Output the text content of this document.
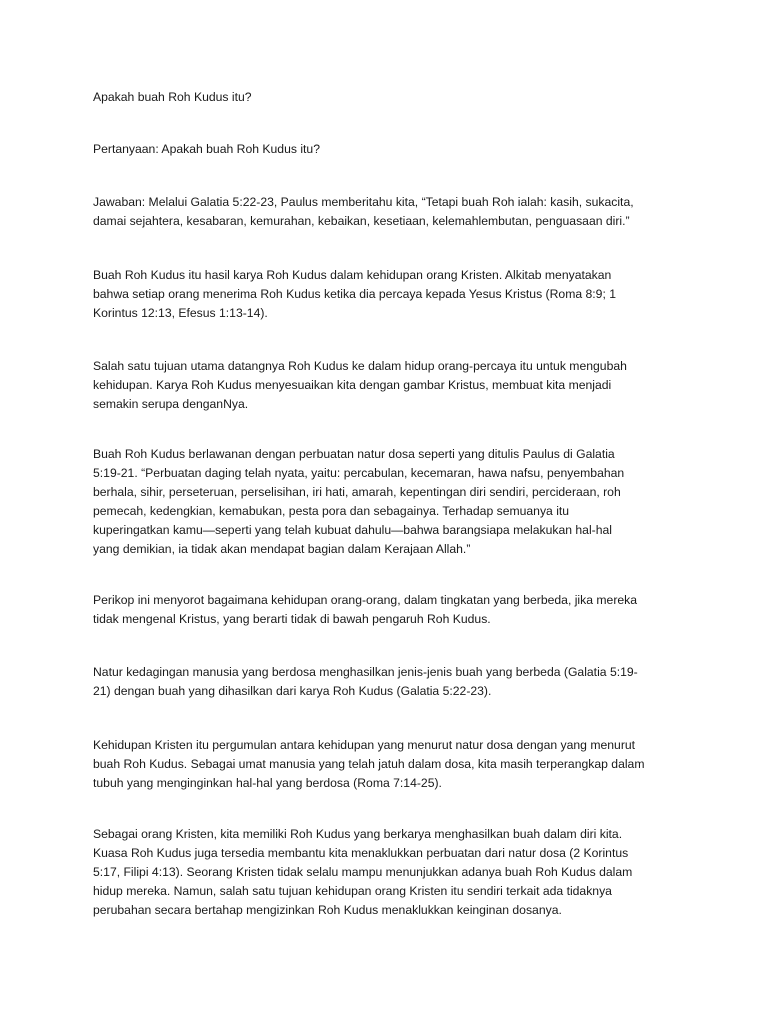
Apakah buah Roh Kudus itu?

Pertanyaan: Apakah buah Roh Kudus itu?

Jawaban: Melalui Galatia 5:22-23, Paulus memberitahu kita, “Tetapi buah Roh ialah: kasih, sukacita,
damai sejahtera, kesabaran, kemurahan, kebaikan, kesetiaan, kelemahlembutan, penguasaan diri.”

Buah Roh Kudus itu hasil karya Roh Kudus dalam kehidupan orang Kristen. Alkitab menyatakan
bahwa setiap orang menerima Roh Kudus ketika dia percaya kepada Yesus Kristus (Roma 8:9; 1
Korintus 12:13, Efesus 1:13-14).

Salah satu tujuan utama datangnya Roh Kudus ke dalam hidup orang-percaya itu untuk mengubah
kehidupan. Karya Roh Kudus menyesuaikan kita dengan gambar Kristus, membuat kita menjadi
semakin serupa denganNya.

Buah Roh Kudus berlawanan dengan perbuatan natur dosa seperti yang ditulis Paulus di Galatia
5:19-21. “Perbuatan daging telah nyata, yaitu: percabulan, kecemaran, hawa nafsu, penyembahan
berhala, sihir, perseteruan, perselisihan, iri hati, amarah, kepentingan diri sendiri, percideraan, roh
pemecah, kedengkian, kemabukan, pesta pora dan sebagainya. Terhadap semuanya itu
kuperingatkan kamu—seperti yang telah kubuat dahulu—bahwa barangsiapa melakukan hal-hal
yang demikian, ia tidak akan mendapat bagian dalam Kerajaan Allah.”

Perikop ini menyorot bagaimana kehidupan orang-orang, dalam tingkatan yang berbeda, jika mereka
tidak mengenal Kristus, yang berarti tidak di bawah pengaruh Roh Kudus.

Natur kedagingan manusia yang berdosa menghasilkan jenis-jenis buah yang berbeda (Galatia 5:19-
21) dengan buah yang dihasilkan dari karya Roh Kudus (Galatia 5:22-23).

Kehidupan Kristen itu pergumulan antara kehidupan yang menurut natur dosa dengan yang menurut
buah Roh Kudus. Sebagai umat manusia yang telah jatuh dalam dosa, kita masih terperangkap dalam
tubuh yang menginginkan hal-hal yang berdosa (Roma 7:14-25).

Sebagai orang Kristen, kita memiliki Roh Kudus yang berkarya menghasilkan buah dalam diri kita.
Kuasa Roh Kudus juga tersedia membantu kita menaklukkan perbuatan dari natur dosa (2 Korintus
5:17, Filipi 4:13). Seorang Kristen tidak selalu mampu menunjukkan adanya buah Roh Kudus dalam
hidup mereka. Namun, salah satu tujuan kehidupan orang Kristen itu sendiri terkait ada tidaknya
perubahan secara bertahap mengizinkan Roh Kudus menaklukkan keinginan dosanya.
